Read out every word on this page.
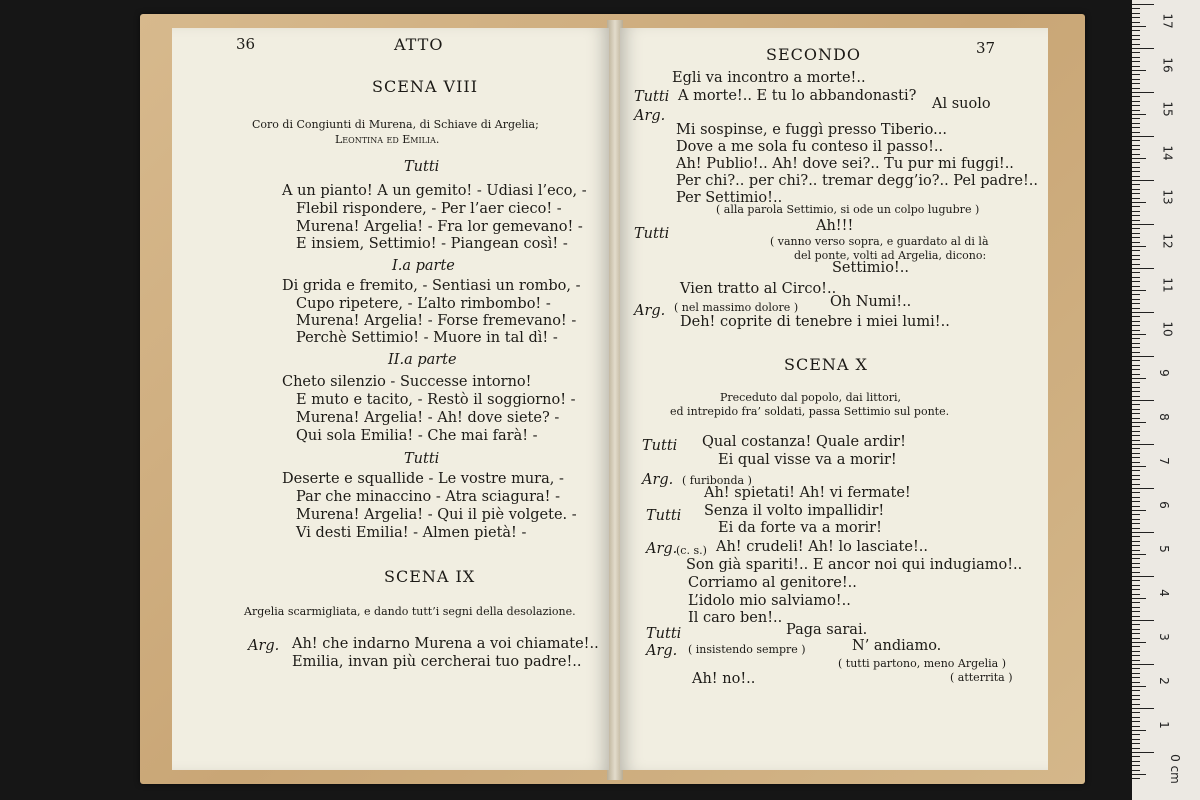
36	ATTO
SCENA VIII
Coro di Congiunti di Murena, di Schiave di Argelia;
Leontina ed Emilia.
Tutti
A un pianto! A un gemito! - Udiasi l’eco, -
Flebil rispondere, - Per l’aer cieco! -
Murena! Argelia! - Fra lor gemevano! -
E insiem, Settimio! - Piangean così! -
I.a parte
Di grida e fremito, - Sentiasi un rombo, -
Cupo ripetere, - L’alto rimbombo! -
Murena! Argelia! - Forse fremevano! -
Perchè Settimio! - Muore in tal dì! -
II.a parte
Cheto silenzio - Successe intorno!
E muto e tacito, - Restò il soggiorno! -
Murena! Argelia! - Ah! dove siete? -
Qui sola Emilia! - Che mai farà! -
Tutti
Deserte e squallide - Le vostre mura, -
Par che minaccino - Atra sciagura! -
Murena! Argelia! - Qui il piè volgete. -
Vi desti Emilia! - Almen pietà! -
SCENA IX
Argelia scarmigliata, e dando tutt’i segni della desolazione.
Arg. Ah! che indarno Murena a voi chiamate!..
Emilia, invan più cercherai tuo padre!..
SECONDO	37
Egli va incontro a morte!..
Tutti A morte!.. E tu lo abbandonasti? Al suolo
Arg.
Mi sospinse, e fuggì presso Tiberio...
Dove a me sola fu conteso il passo!..
Ah! Publio!.. Ah! dove sei?.. Tu pur mi fuggi!..
Per chi?.. per chi?.. tremar degg’io?.. Pel padre!..
Per Settimio!..
( alla parola Settimio, si ode un colpo lugubre )
Tutti	Ah!!!
( vanno verso sopra, e guardato al di là
del ponte, volti ad Argelia, dicono:
Settimio!..
Vien tratto al Circo!..
Arg. ( nel massimo dolore ) Oh Numi!..
Deh! coprite di tenebre i miei lumi!..
SCENA X
Preceduto dal popolo, dai littori,
ed intrepido fra’ soldati, passa Settimio sul ponte.
Tutti Qual costanza! Quale ardir!
Ei qual visse va a morir!
Arg. ( furibonda )
Ah! spietati! Ah! vi fermate!
Tutti Senza il volto impallidir!
Ei da forte va a morir!
Arg.
(c. s.) Ah! crudeli! Ah! lo lasciate!..
Son già spariti!.. E ancor noi qui indugiamo!..
Corriamo al genitore!..
L’idolo mio salviamo!..
Il caro ben!..
Tutti	Paga sarai.
Arg. ( insistendo sempre )	N’ andiamo.
( tutti partono, meno Argelia )
Ah! no!..	( atterrita )
17
16
15
14
13
12
11
10
9
8
7
6
5
4
3
2
1
0 cm
